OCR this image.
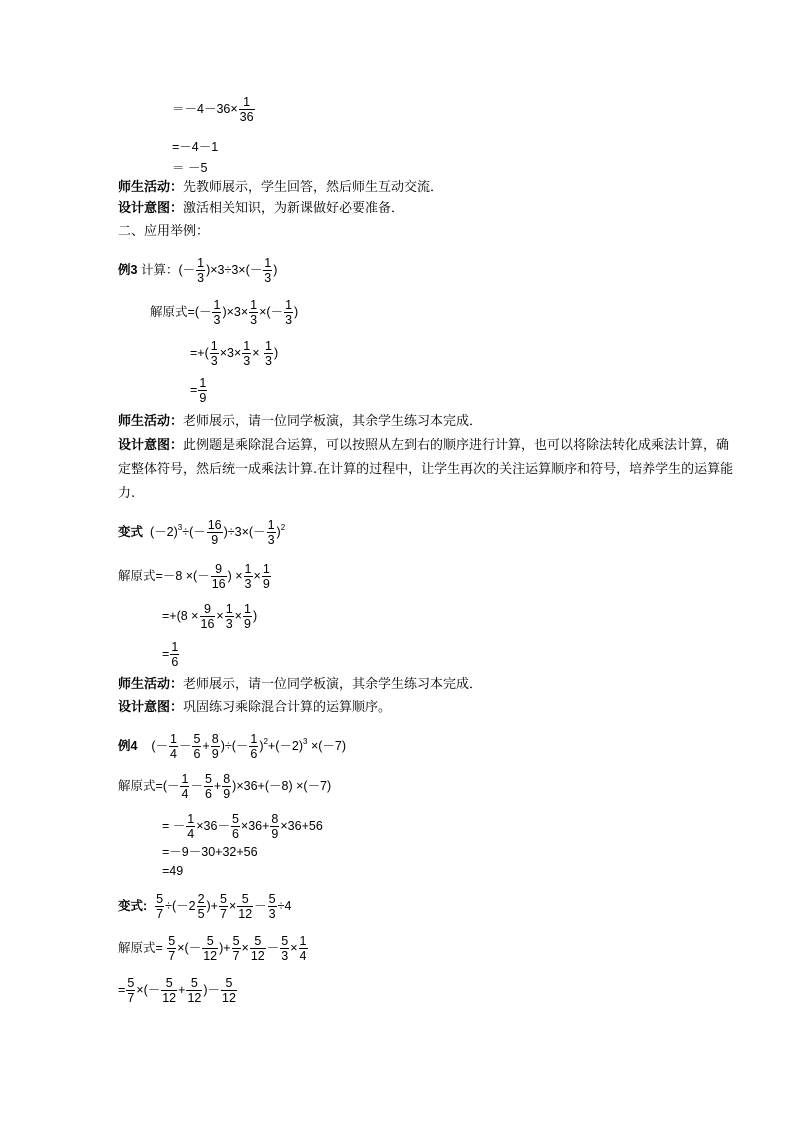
$=-4-36\times \frac{1}{36}$
=－4－1
＝ －5
师生活动：先教师展示，学生回答，然后师生互动交流．
设计意图：激活相关知识，为新课做好必要准备．
二、应用举例：
例3 计算：(－ $\frac{1}{3} )\times 3\div 3\times(- \frac{1}{3}$ )
解原式=(－ $\frac{1}{3} )\times 3\times \frac{1}{3}$ ×(－ $\frac{1}{3}$ )
=+( $\frac{1}{3} \times 3\times \frac{1}{3} \times \frac{1}{3}$ )
= $\frac{1}{9}$
师生活动：老师展示，请一位同学板演，其余学生练习本完成．
设计意图：此例题是乘除混合运算，可以按照从左到右的顺序进行计算，也可以将除法转化成乘法计算，确定整体符号，然后统一成乘法计算.在计算的过程中，让学生再次的关注运算顺序和符号，培养学生的运算能力.
变式  $(-2)^3\div(- \frac{16}{9} )\div 3\times(- \frac{1}{3} )^2$
解原式=－8 ×(－ $\frac{9}{16}$ ) × $\frac{1}{3} \times \frac{1}{9}$
$=+(8 \times \frac{9}{16} \times \frac{1}{3} \times \frac{1}{9}$ )
= $\frac{1}{6}$
师生活动：老师展示，请一位同学板演，其余学生练习本完成．
设计意图：巩固练习乘除混合计算的运算顺序。
例4    (－ $\frac{1}{4} - \frac{5}{6} + \frac{8}{9}$ )÷(－ $\frac{1}{6} )^2+(-2)^3 \times(-7)$
解原式=(－ $\frac{1}{4} - \frac{5}{6} + \frac{8}{9} )\times 36+(-8) \times(-7)$
= － $\frac{1}{4} \times 36- \frac{5}{6} \times 36+ \frac{8}{9} \times 36+56$
=－9－30+32+56
=49
变式: $\frac{5}{7} \div(-2 \frac{2}{5}$ )+ $\frac{5}{7} \times \frac{5}{12} - \frac{5}{3} \div 4$
解原式= $\frac{5}{7}$ ×(－ $\frac{5}{12}$ )+ $\frac{5}{7} \times \frac{5}{12} - \frac{5}{3} \times \frac{1}{4}$
= $\frac{5}{7}$ ×(－ $\frac{5}{12} + \frac{5}{12}$ )－ $\frac{5}{12}$
